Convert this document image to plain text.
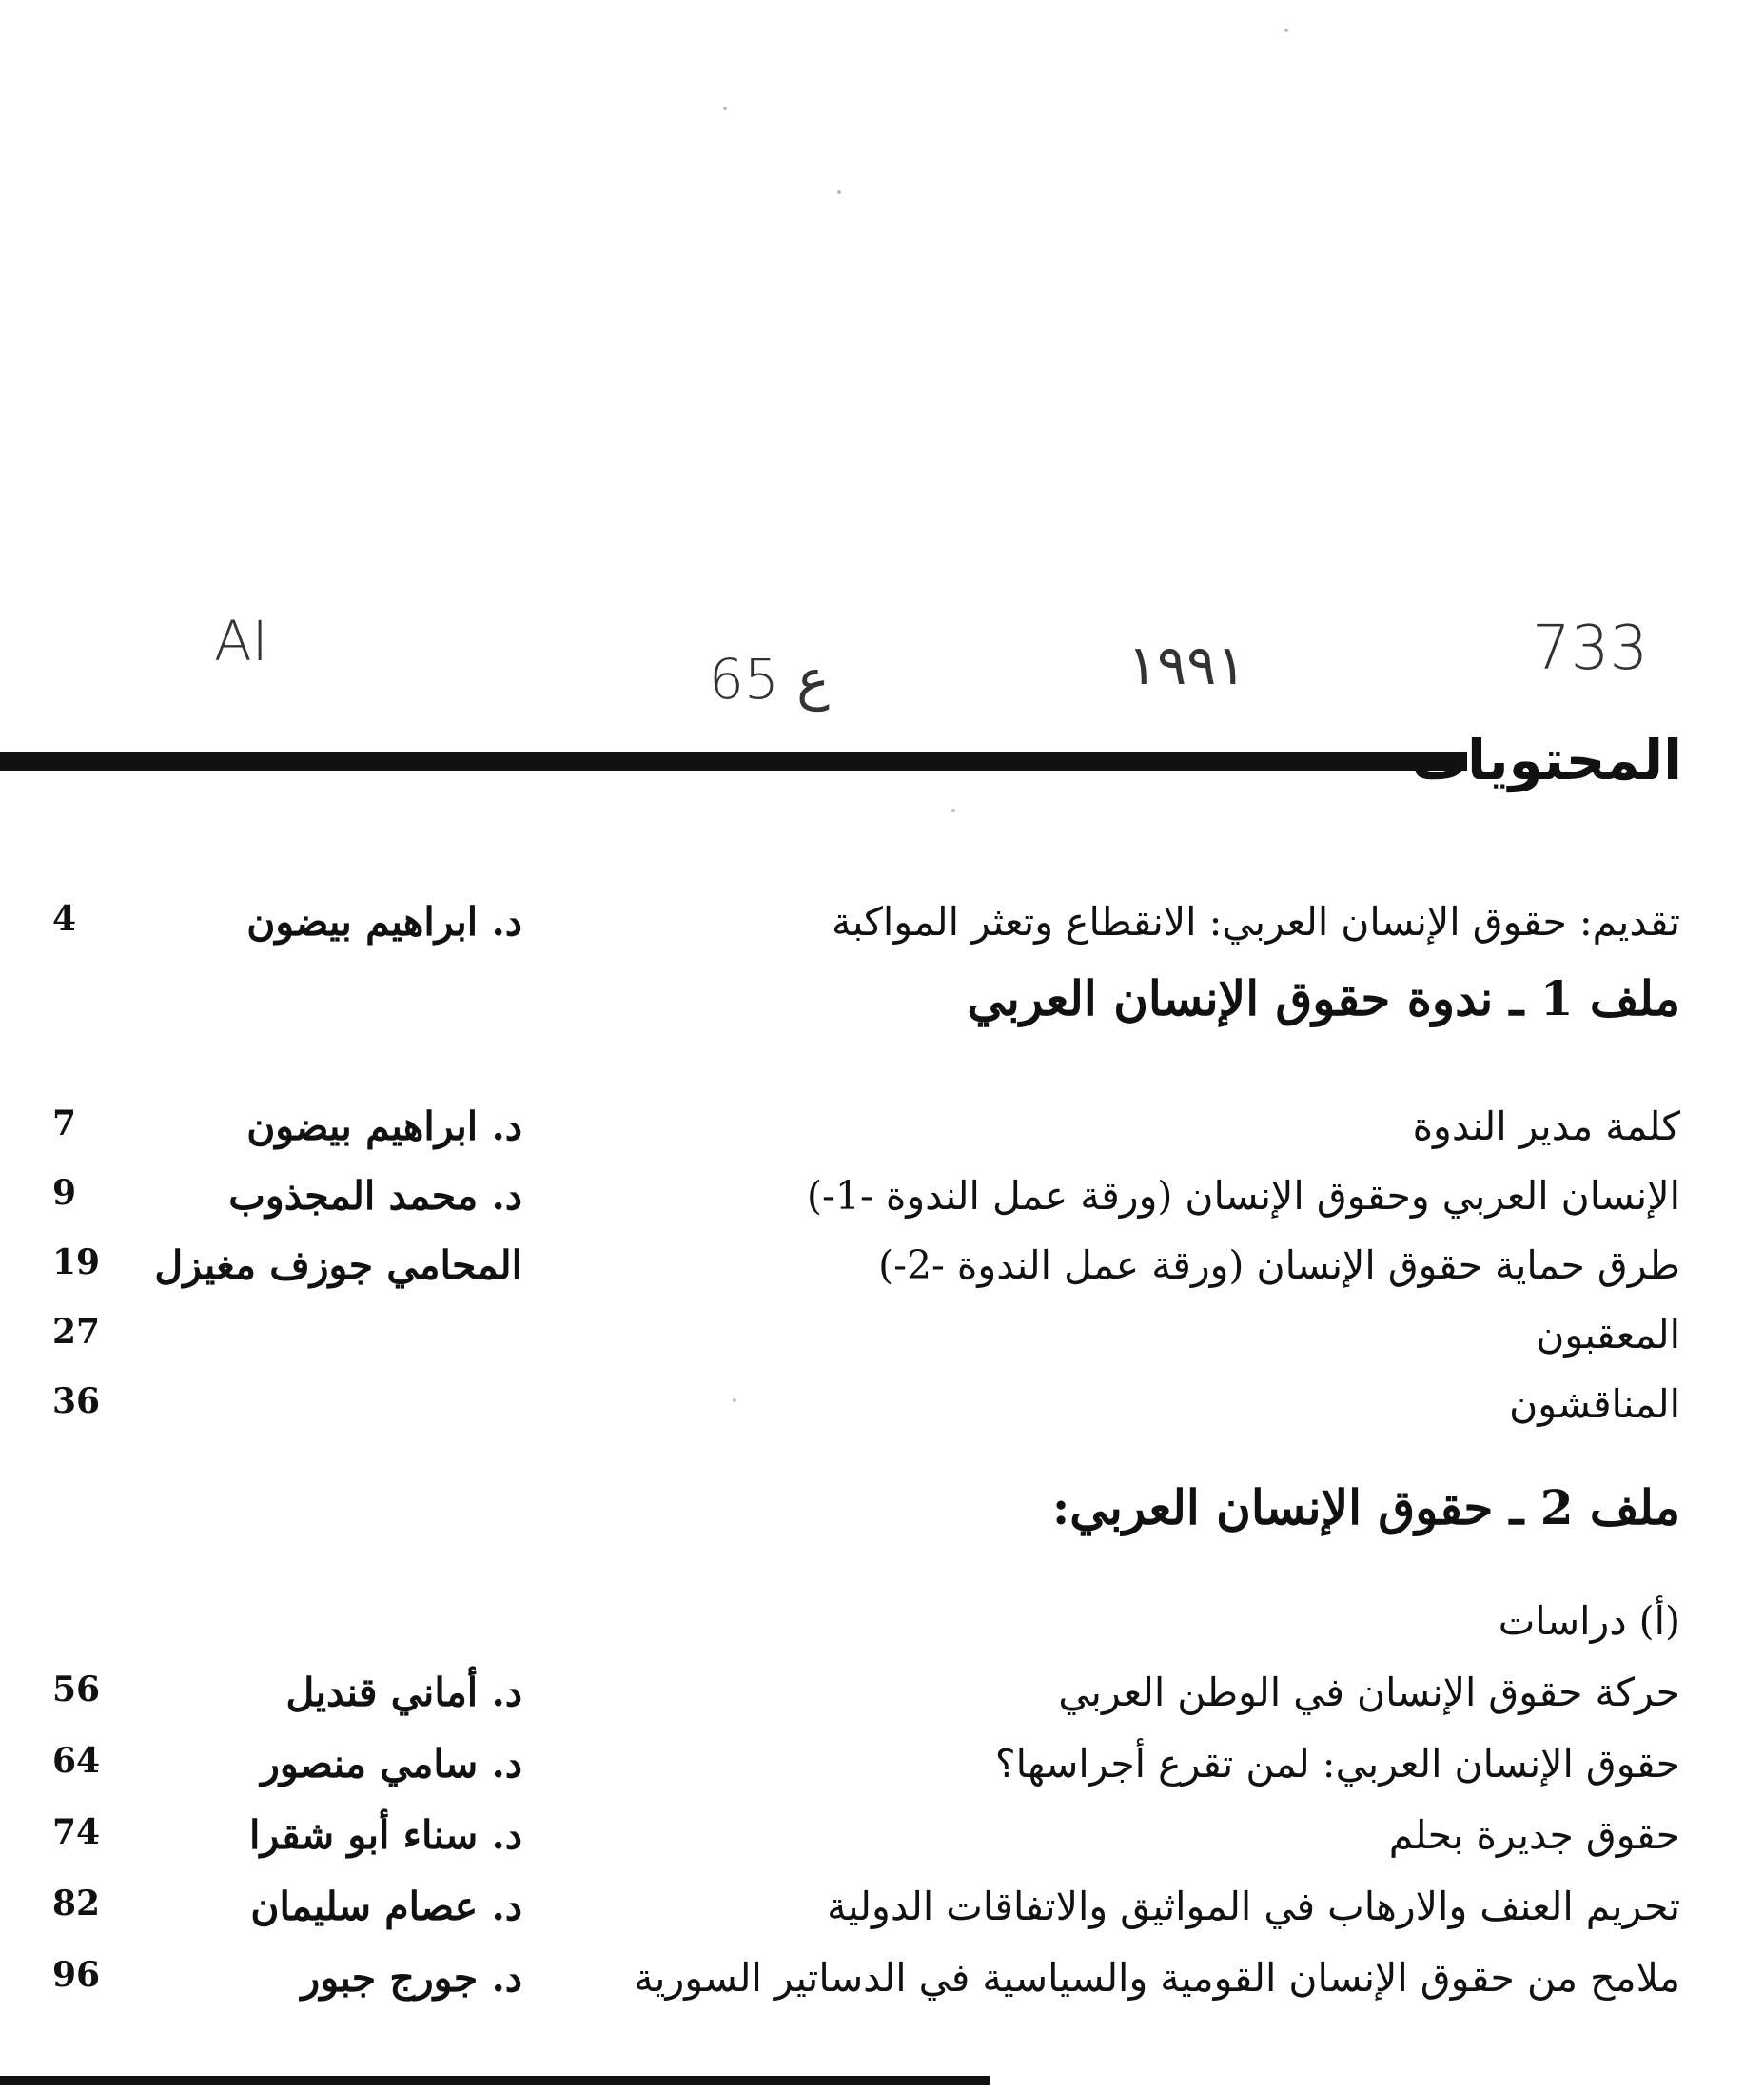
AI
65 ع	١٩٩١	733
المحتويات
تقديم: حقوق الإنسان العربي: الانقطاع وتعثر المواكبة
د. ابراهيم بيضون
4
ملف 1 ـ ندوة حقوق الإنسان العربي
كلمة مدير الندوة
د. ابراهيم بيضون
7
الإنسان العربي وحقوق الإنسان (ورقة عمل الندوة -1-)
د. محمد المجذوب
9
طرق حماية حقوق الإنسان (ورقة عمل الندوة -2-)
المحامي جوزف مغيزل
19
المعقبون
27
المناقشون
36
ملف 2 ـ حقوق الإنسان العربي:
(أ) دراسات
حركة حقوق الإنسان في الوطن العربي
د. أماني قنديل
56
حقوق الإنسان العربي: لمن تقرع أجراسها؟
د. سامي منصور
64
حقوق جديرة بحلم
د. سناء أبو شقرا
74
تحريم العنف والارهاب في المواثيق والاتفاقات الدولية
د. عصام سليمان
82
ملامح من حقوق الإنسان القومية والسياسية في الدساتير السورية
د. جورج جبور
96
